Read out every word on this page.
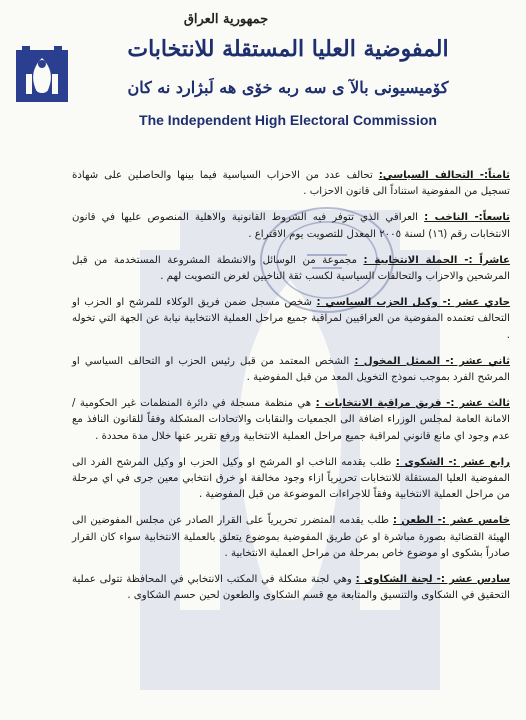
جمهورية العراق
المفوضية العليا المستقلة للانتخابات
كۆميسيونى بالآ ى سه ربه خۆى هه لَبژارد نه كان
The Independent High Electoral Commission
ثامناً:- التحالف السياسي: تحالف عدد من الاحزاب السياسية فيما بينها والحاصلين على شهادة تسجيل من المفوضية استناداً الى قانون الاحزاب .
تاسعاً:- الناخب : العراقي الذي تتوفر فيه الشروط القانونية والاهلية المنصوص عليها في قانون الانتخابات رقم (١٦) لسنة ٢٠٠٥ المعدل للتصويت يوم الاقتراع .
عاشراً :- الحملة الانتخابية : مجموعة من الوسائل والانشطة المشروعة المستخدمة من قبل المرشحين والاحزاب والتحالفات السياسية لكسب ثقة الناخبين لغرض التصويت لهم .
حادي عشر :- وكيل الحزب السياسي : شخص مسجل ضمن فريق الوكلاء للمرشح او الحزب او التحالف تعتمده المفوضية من العراقيين لمراقبة جميع مراحل العملية الانتخابية نيابة عن الجهة التي تخوله .
ثاني عشر :- الممثل المخول : الشخص المعتمد من قبل رئيس الحزب او التحالف السياسي او المرشح الفرد بموجب نموذج التخويل المعد من قبل المفوضية .
ثالث عشر :- فريق مراقبة الانتخابات : هي منظمة مسجلة في دائرة المنظمات غير الحكومية / الامانة العامة لمجلس الوزراء اضافة الى الجمعيات والنقابات والاتحادات المشكلة وفقاً للقانون النافذ مع عدم وجود اي مانع قانوني لمراقبة جميع مراحل العملية الانتخابية ورفع تقرير عنها خلال مدة محددة .
رابع عشر :- الشكوى : طلب يقدمه الناخب او المرشح او وكيل الحزب او وكيل المرشح الفرد الى المفوضية العليا المستقلة للانتخابات تحريرياً ازاء وجود مخالفة او خرق انتخابي معين جرى في اي مرحلة من مراحل العملية الانتخابية وفقاً للاجراءات الموضوعة من قبل المفوضية .
خامس عشر :- الطعن : طلب يقدمه المتضرر تحريرياً على القرار الصادر عن مجلس المفوضين الى الهيئة القضائية بصورة مباشرة او عن طريق المفوضية بموضوع يتعلق بالعملية الانتخابية سواء كان القرار صادراً بشكوى او موضوع خاص بمرحلة من مراحل العملية الانتخابية .
سادس عشر :- لجنة الشكاوى : وهي لجنة مشكلة في المكتب الانتخابي في المحافظة تتولى عملية التحقيق في الشكاوى والتنسيق والمتابعة مع قسم الشكاوى والطعون لحين حسم الشكاوى .
